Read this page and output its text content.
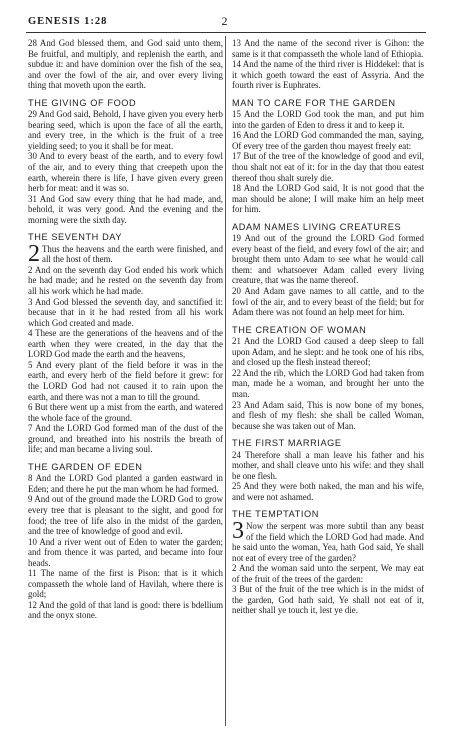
GENESIS 1:28	2

28 And God blessed them, and God said unto them, Be fruitful, and multiply, and replenish the earth, and subdue it: and have dominion over the fish of the sea, and over the fowl of the air, and over every living thing that moveth upon the earth.

THE GIVING OF FOOD

29 And God said, Behold, I have given you every herb bearing seed, which is upon the face of all the earth, and every tree, in the which is the fruit of a tree yielding seed; to you it shall be for meat.

30 And to every beast of the earth, and to every fowl of the air, and to every thing that creepeth upon the earth, wherein there is life, I have given every green herb for meat: and it was so.

31 And God saw every thing that he had made, and, behold, it was very good. And the evening and the morning were the sixth day.

THE SEVENTH DAY

2 Thus the heavens and the earth were finished, and all the host of them.

2 And on the seventh day God ended his work which he had made; and he rested on the seventh day from all his work which he had made.

3 And God blessed the seventh day, and sanctified it: because that in it he had rested from all his work which God created and made.

4 These are the generations of the heavens and of the earth when they were created, in the day that the LORD God made the earth and the heavens,

5 And every plant of the field before it was in the earth, and every herb of the field before it grew: for the LORD God had not caused it to rain upon the earth, and there was not a man to till the ground.

6 But there went up a mist from the earth, and watered the whole face of the ground.

7 And the LORD God formed man of the dust of the ground, and breathed into his nostrils the breath of life; and man became a living soul.

THE GARDEN OF EDEN

8 And the LORD God planted a garden eastward in Eden; and there he put the man whom he had formed.

9 And out of the ground made the LORD God to grow every tree that is pleasant to the sight, and good for food; the tree of life also in the midst of the garden, and the tree of knowledge of good and evil.

10 And a river went out of Eden to water the garden; and from thence it was parted, and became into four heads.

11 The name of the first is Pison: that is it which compasseth the whole land of Havilah, where there is gold;

12 And the gold of that land is good: there is bdellium and the onyx stone.

13 And the name of the second river is Gihon: the same is it that compasseth the whole land of Ethiopia.

14 And the name of the third river is Hiddekel: that is it which goeth toward the east of Assyria. And the fourth river is Euphrates.

MAN TO CARE FOR THE GARDEN

15 And the LORD God took the man, and put him into the garden of Eden to dress it and to keep it.

16 And the LORD God commanded the man, saying, Of every tree of the garden thou mayest freely eat:

17 But of the tree of the knowledge of good and evil, thou shalt not eat of it: for in the day that thou eatest thereof thou shalt surely die.

18 And the LORD God said, It is not good that the man should be alone; I will make him an help meet for him.

ADAM NAMES LIVING CREATURES

19 And out of the ground the LORD God formed every beast of the field, and every fowl of the air; and brought them unto Adam to see what he would call them: and whatsoever Adam called every living creature, that was the name thereof.

20 And Adam gave names to all cattle, and to the fowl of the air, and to every beast of the field; but for Adam there was not found an help meet for him.

THE CREATION OF WOMAN

21 And the LORD God caused a deep sleep to fall upon Adam, and he slept: and he took one of his ribs, and closed up the flesh instead thereof;

22 And the rib, which the LORD God had taken from man, made he a woman, and brought her unto the man.

23 And Adam said, This is now bone of my bones, and flesh of my flesh: she shall be called Woman, because she was taken out of Man.

THE FIRST MARRIAGE

24 Therefore shall a man leave his father and his mother, and shall cleave unto his wife: and they shall be one flesh.

25 And they were both naked, the man and his wife, and were not ashamed.

THE TEMPTATION

3 Now the serpent was more subtil than any beast of the field which the LORD God had made. And he said unto the woman, Yea, hath God said, Ye shall not eat of every tree of the garden?

2 And the woman said unto the serpent, We may eat of the fruit of the trees of the garden:

3 But of the fruit of the tree which is in the midst of the garden, God hath said, Ye shall not eat of it, neither shall ye touch it, lest ye die.
